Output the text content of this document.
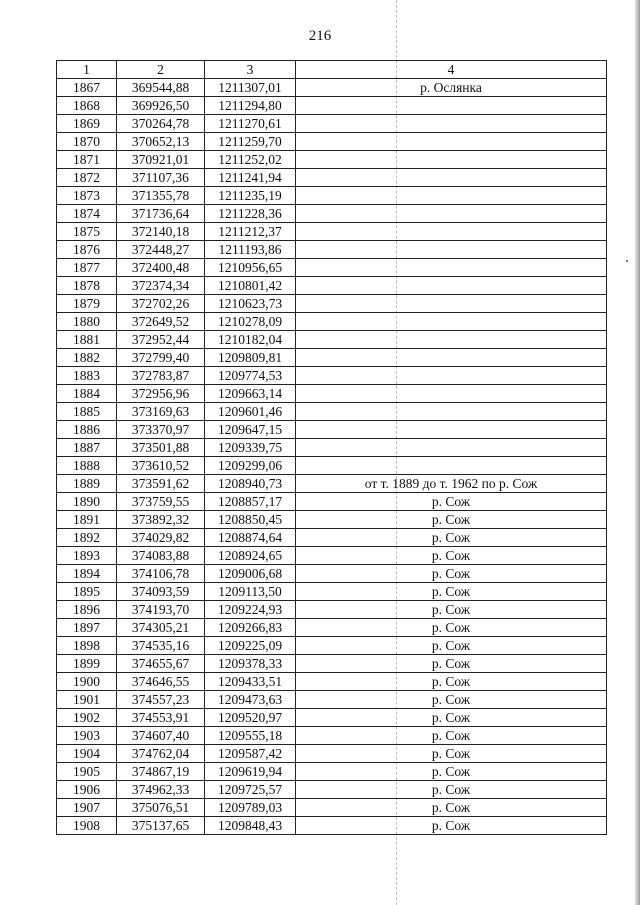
216
1	2	3	4
1867	369544,88	1211307,01	р. Ослянка
1868	369926,50	1211294,80	
1869	370264,78	1211270,61	
1870	370652,13	1211259,70	
1871	370921,01	1211252,02	
1872	371107,36	1211241,94	
1873	371355,78	1211235,19	
1874	371736,64	1211228,36	
1875	372140,18	1211212,37	
1876	372448,27	1211193,86	
1877	372400,48	1210956,65	
1878	372374,34	1210801,42	
1879	372702,26	1210623,73	
1880	372649,52	1210278,09	
1881	372952,44	1210182,04	
1882	372799,40	1209809,81	
1883	372783,87	1209774,53	
1884	372956,96	1209663,14	
1885	373169,63	1209601,46	
1886	373370,97	1209647,15	
1887	373501,88	1209339,75	
1888	373610,52	1209299,06	
1889	373591,62	1208940,73	от т. 1889 до т. 1962 по р. Сож
1890	373759,55	1208857,17	р. Сож
1891	373892,32	1208850,45	р. Сож
1892	374029,82	1208874,64	р. Сож
1893	374083,88	1208924,65	р. Сож
1894	374106,78	1209006,68	р. Сож
1895	374093,59	1209113,50	р. Сож
1896	374193,70	1209224,93	р. Сож
1897	374305,21	1209266,83	р. Сож
1898	374535,16	1209225,09	р. Сож
1899	374655,67	1209378,33	р. Сож
1900	374646,55	1209433,51	р. Сож
1901	374557,23	1209473,63	р. Сож
1902	374553,91	1209520,97	р. Сож
1903	374607,40	1209555,18	р. Сож
1904	374762,04	1209587,42	р. Сож
1905	374867,19	1209619,94	р. Сож
1906	374962,33	1209725,57	р. Сож
1907	375076,51	1209789,03	р. Сож
1908	375137,65	1209848,43	р. Сож
